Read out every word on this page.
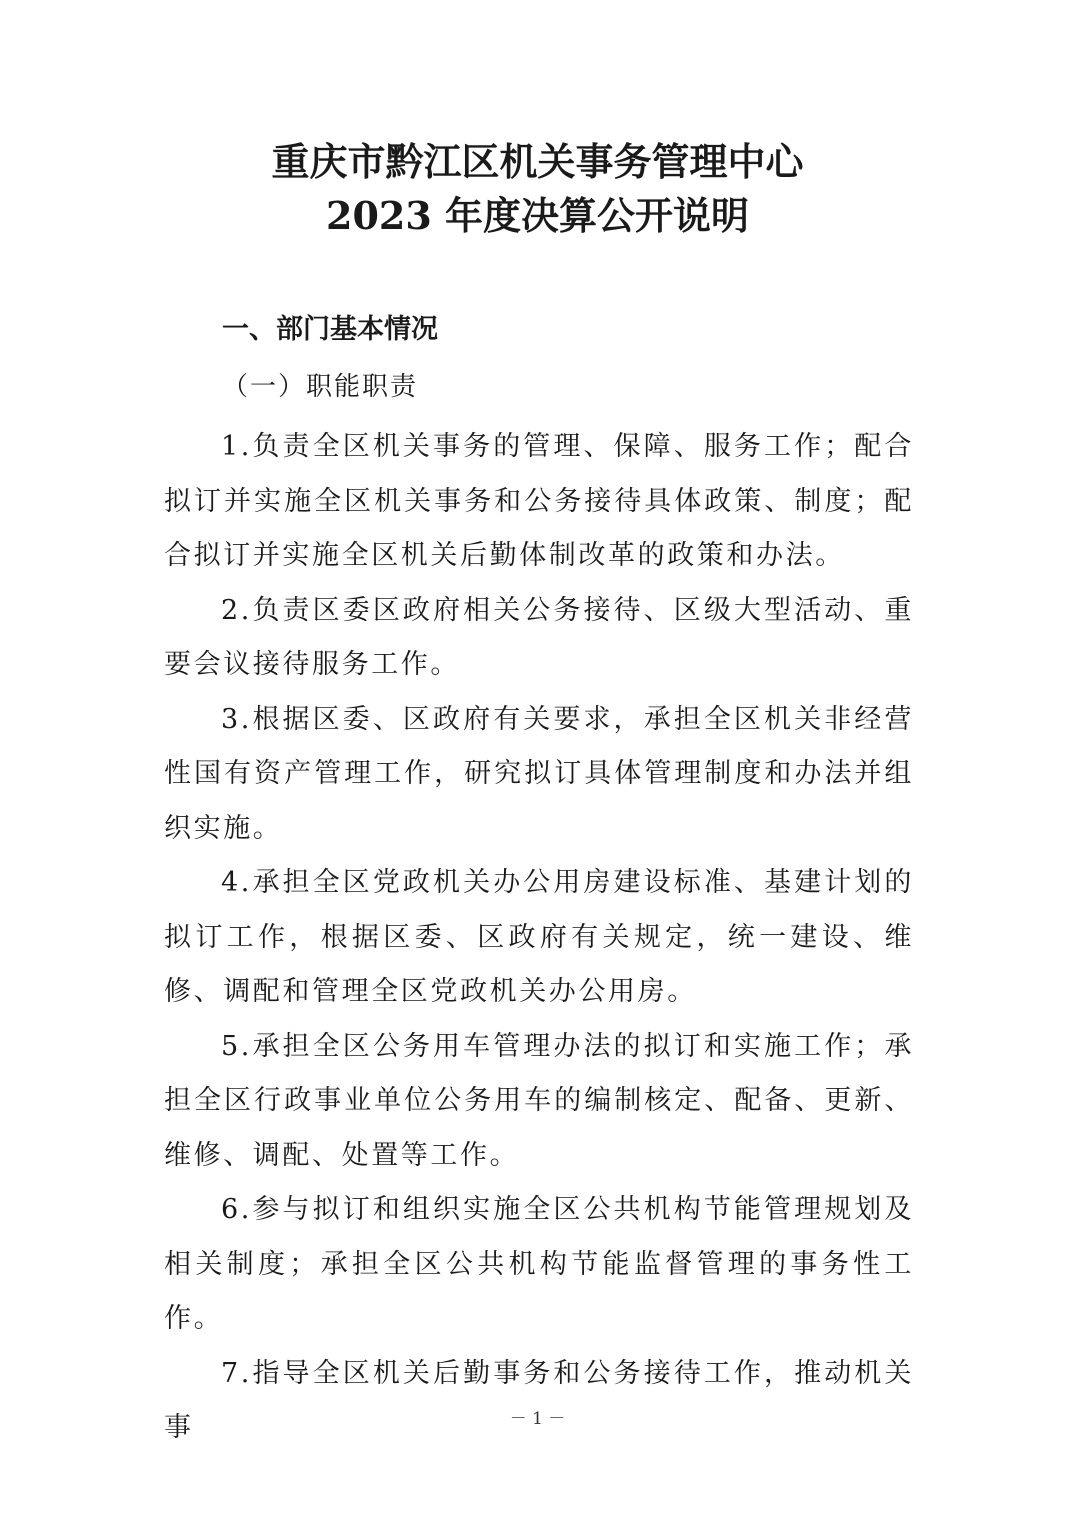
重庆市黔江区机关事务管理中心
2023 年度决算公开说明
一、部门基本情况
（一）职能职责

1.负责全区机关事务的管理、保障、服务工作；配合拟订并实施全区机关事务和公务接待具体政策、制度；配合拟订并实施全区机关后勤体制改革的政策和办法。

2.负责区委区政府相关公务接待、区级大型活动、重要会议接待服务工作。

3.根据区委、区政府有关要求，承担全区机关非经营性国有资产管理工作，研究拟订具体管理制度和办法并组织实施。

4.承担全区党政机关办公用房建设标准、基建计划的拟订工作，根据区委、区政府有关规定，统一建设、维修、调配和管理全区党政机关办公用房。

5.承担全区公务用车管理办法的拟订和实施工作；承担全区行政事业单位公务用车的编制核定、配备、更新、维修、调配、处置等工作。

6.参与拟订和组织实施全区公共机构节能管理规划及相关制度；承担全区公共机构节能监督管理的事务性工作。

7.指导全区机关后勤事务和公务接待工作，推动机关事	－ 1 －
